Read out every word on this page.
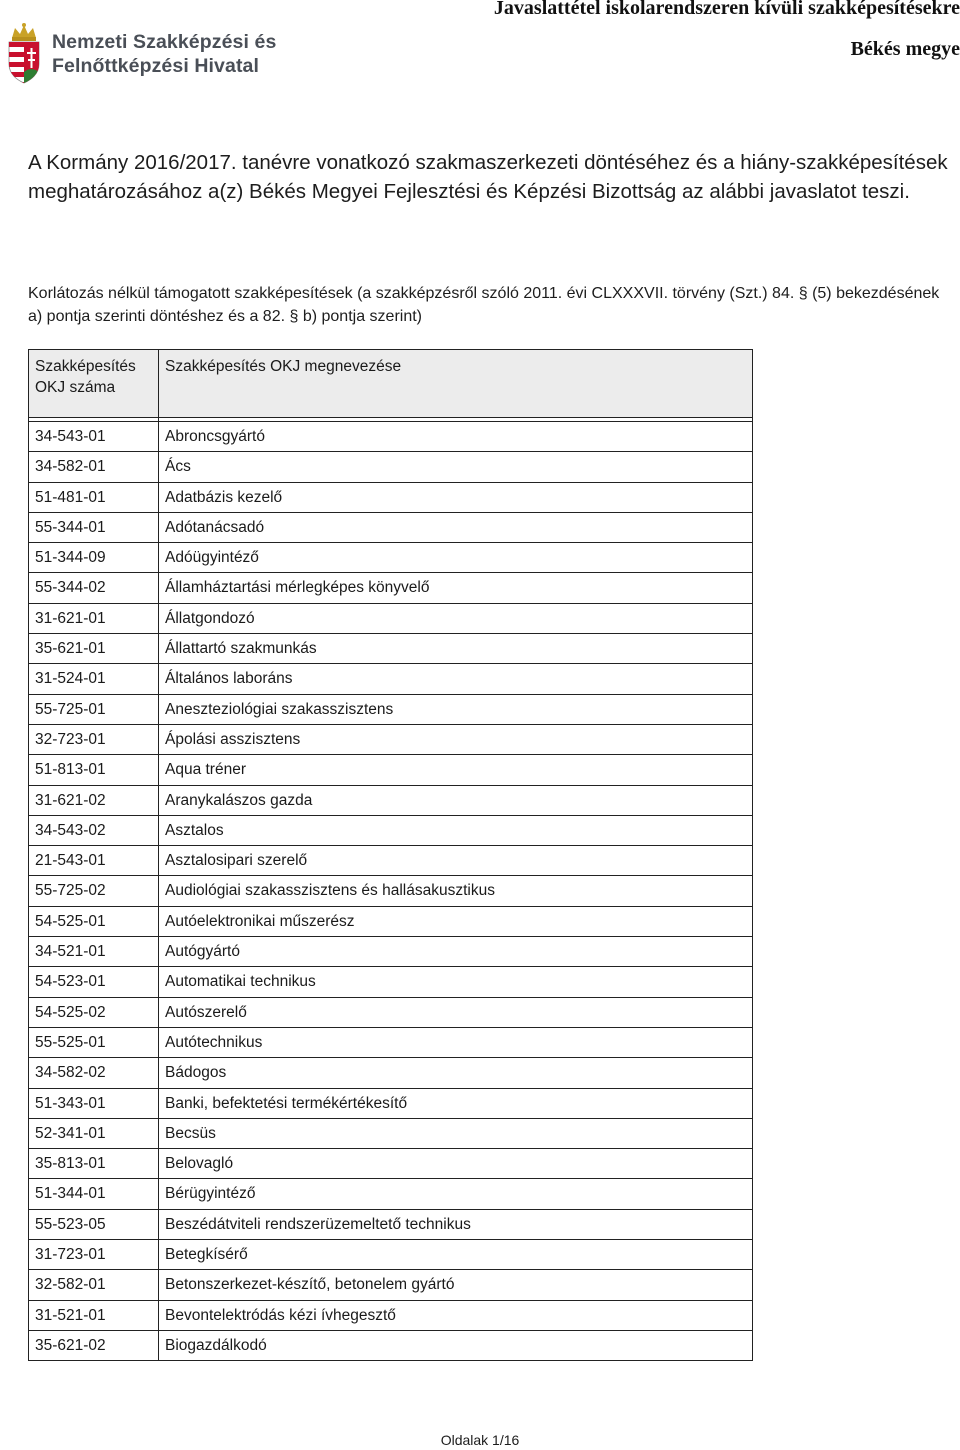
Javaslattétel iskolarendszeren kívüli szakképesítésekre
Békés megye
Nemzeti Szakképzési és
Felnőttképzési Hivatal
A Kormány 2016/2017. tanévre vonatkozó szakmaszerkezeti döntéséhez és a hiány-szakképesítések meghatározásához a(z) Békés Megyei Fejlesztési és Képzési Bizottság az alábbi javaslatot teszi.
Korlátozás nélkül támogatott szakképesítések (a szakképzésről szóló 2011. évi CLXXXVII. törvény (Szt.) 84. § (5) bekezdésének a) pontja szerinti döntéshez és a 82. § b) pontja szerint)
Szakképesítés OKJ száma	Szakképesítés OKJ megnevezése

34-543-01	Abroncsgyártó
34-582-01	Ács
51-481-01	Adatbázis kezelő
55-344-01	Adótanácsadó
51-344-09	Adóügyintéző
55-344-02	Államháztartási mérlegképes könyvelő
31-621-01	Állatgondozó
35-621-01	Állattartó szakmunkás
31-524-01	Általános laboráns
55-725-01	Aneszteziológiai szakasszisztens
32-723-01	Ápolási asszisztens
51-813-01	Aqua tréner
31-621-02	Aranykalászos gazda
34-543-02	Asztalos
21-543-01	Asztalosipari szerelő
55-725-02	Audiológiai szakasszisztens és hallásakusztikus
54-525-01	Autóelektronikai műszerész
34-521-01	Autógyártó
54-523-01	Automatikai technikus
54-525-02	Autószerelő
55-525-01	Autótechnikus
34-582-02	Bádogos
51-343-01	Banki, befektetési termékértékesítő
52-341-01	Becsüs
35-813-01	Belovagló
51-344-01	Bérügyintéző
55-523-05	Beszédátviteli rendszerüzemeltető technikus
31-723-01	Betegkísérő
32-582-01	Betonszerkezet-készítő, betonelem gyártó
31-521-01	Bevontelektródás kézi ívhegesztő
35-621-02	Biogazdálkodó
Oldalak 1/16
